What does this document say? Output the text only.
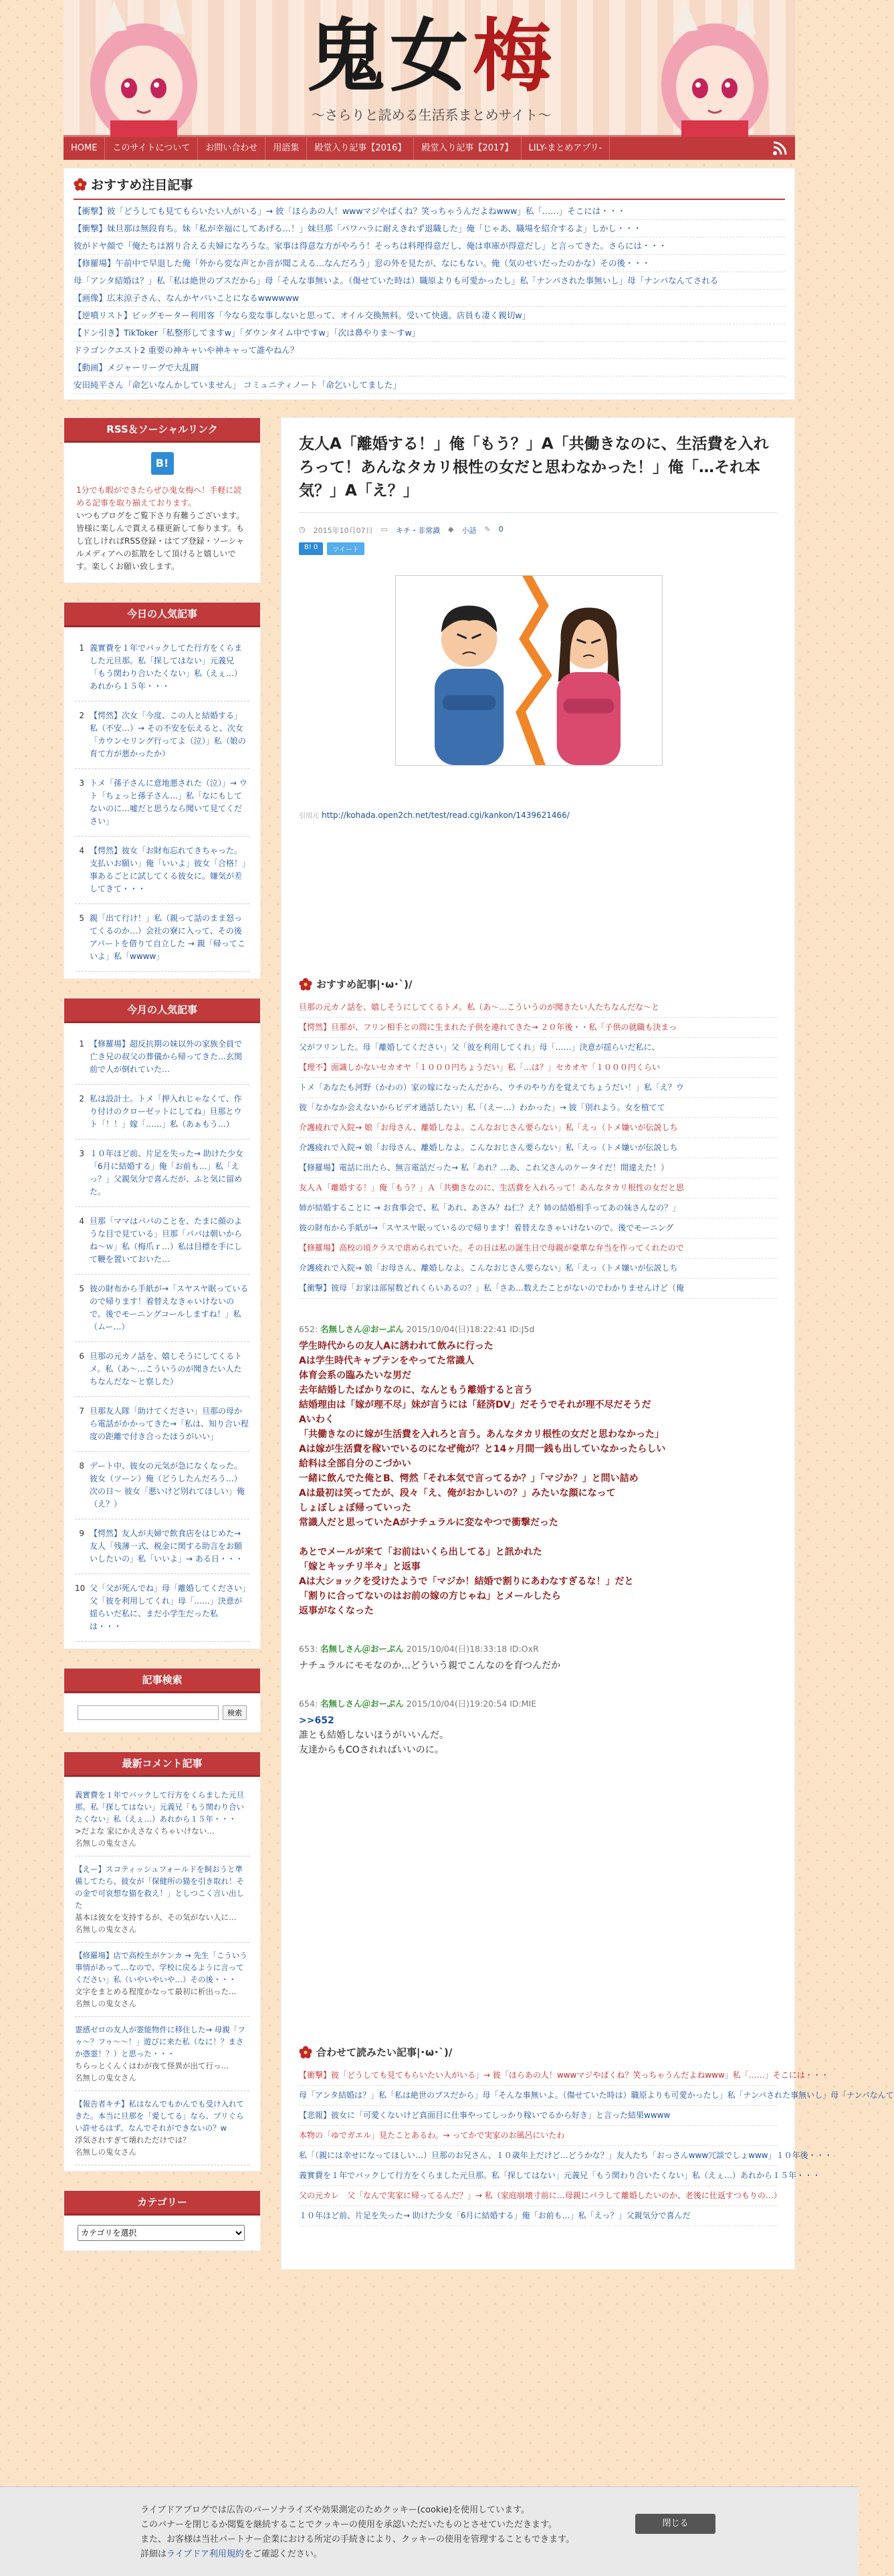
鬼女梅
～さらりと読める生活系まとめサイト～
HOME	このサイトについて	お問い合わせ	用語集	殿堂入り記事【2016】	殿堂入り記事【2017】	LILY-まとめアプリ-
おすすめ注目記事
【衝撃】彼「どうしても見てもらいたい人がいる」→ 彼「ほらあの人！wwwマジやばくね？笑っちゃうんだよねwww」私「……」そこには・・・
【衝撃】妹旦那は無段育ち。妹「私が幸福にしてあげる…！」妹旦那「パワハラに耐えきれず退職した」俺「じゃあ、職場を紹介するよ」しかし・・・
彼がドヤ顔で「俺たちは割り合える夫婦になろうな。家事は得意な方がやろう！そっちは料理得意だし、俺は車庫が得意だし」と言ってきた。さらには・・・
【修羅場】午前中で早退した俺「外から変な声とか音が聞こえる…なんだろう」窓の外を見たが、なにもない。俺（気のせいだったのかな）その後・・・
母「アンタ結婚は？」私「私は絶世のブスだから」母「そんな事無いよ。（傷せていた時は）職原よりも可愛かったし」私「ナンパされた事無いし」母「ナンパなんてされる
【画像】広末涼子さん、なんかヤバいことになるwwwwww
【逆噴リスト】ビッグモーター利用客「今なら変な事しないと思って、オイル交換無料。受いて快適。店員も凄く親切w」
【ドン引き】TikToker「私整形してますw」「ダウンタイム中ですw」「次は鼻やりま～すw」
ドラゴンクエスト2 重要の神キャいや神キャって誰やねん？
【動画】メジャーリーグで大乱闘
安田純平さん「命乞いなんかしていません」 コミュニティノート「命乞いしてました」
RSS＆ソーシャルリンク
B!

1分でも暇ができたらぜひ鬼女梅へ！手軽に読める記事を取り揃えております。

いつもブログをご覧下さり有難うございます。皆様に楽しんで貰える様更新して参ります。もし宜しければRSS登録・はてブ登録・ソーシャルメディアへの拡散をして頂けると嬉しいです。楽しくお願い致します。

今日の人気記事
1 義實費を１年でバックしてた行方をくらました元旦那。私「探してはない」元義兄「もう関わり合いたくない」私（えぇ…）あれから１５年・・・
2 【愕然】次女「今度、この人と結婚する」私（不安…）→ その不安を伝えると、次女「カウンセリング行ってよ（泣）」私（娘の育て方が悪かったか）
3 トメ「孫子さんに意地悪された（泣）」→ ウト「ちょっと孫子さん…」私「なにもしてないのに…嘘だと思うなら聞いて見てください」
4 【愕然】彼女「お財布忘れてきちゃった。支払いお願い」俺「いいよ」彼女「合格！」事あるごとに試してくる彼女に。嫌気が差してきて・・・
5 親「出て行け！」私（親って話のまま怒ってくるのか…）会社の寮に入って、その後アパートを借りて自立した → 親「帰ってこいよ」私「wwww」
今月の人気記事
1 【修羅場】超反抗期の妹以外の家族全員で亡き兄の叔父の葬儀から帰ってきた…玄関前で人が倒れていた…
2 私は設計士。トメ「押入れじゃなくて、作り付けのクローゼットにしてね」旦那とウト「！！」嫁「……」私（あぁもう…）
3 １０年ほど前、片足を失った→ 助けた少女「6月に結婚する」俺「お前も…」私「えっ？」父親気分で喜んだが、ふと気に留めた。
4 旦那「ママはパパのことを、たまに顔のような目で見ている」旦那「パパは朝いからね～ｗ」私（梅爪ｒ…）私は目標を手にして鞭を置いておいた…
5 彼の財布から手紙が→「スヤスヤ眠っているので帰ります！着替えなきゃいけないので。後でモーニングコールしますね！」私（ムー…）
6 旦那の元カノ話を、嬉しそうにしてくるトメ。私（あ～…こういうのが聞きたい人たちなんだな～と察した）
7 旦那友人隊「助けてください」旦那の母から電話がかかってきた→「私は、知り合い程度の距離で付き合ったほうがいい」
8 デート中、彼女の元気が急になくなった。彼女（ツーン）俺（どうしたんだろう…）次の日～ 彼女「悪いけど別れてほしい」俺（え？）
9 【愕然】友人が夫婦で飲食店をはじめた→ 友人「残薄一式、税金に関する助言をお願いしたいの」私「いいよ」→ ある日・・・
10 父「父が死んでね」母「離婚してください」父「彼を利用してくれ」母「……」決意が揺らいだ私に、まだ小学生だった私は・・・
記事検索
検索
最新コメント記事
義實費を１年でバックして行方をくらました元旦那。私「探してはない」元義兄「もう関わり合いたくない」私（えぇ…）あれから１５年・・・
>だよな 家にかえさなくちゃいけない…
名無しの鬼女さん
【えー】スコティッシュフォールドを飼おうと準備してたら、彼女が「保健所の猫を引き取れ！その金で可哀想な猫を救え！」としつこく言い出した
基本は彼女を支持するが、その気がない人に…
名無しの鬼女さん
【修羅場】店で高校生がケンカ → 先生「こういう事情があって…なので、学校に戻るように言ってください」私（いやいやいや…）その後・・・
文字をまとめる程度かなって最初に析出った…
名無しの鬼女さん
霊感ゼロの友人が霊能物件に移住した→ 母親「フゥ～？フゥ～～！」遊びに来た私（なに！？まさか憑霊！？）と思った・・・
ちらっとくんくはわが夜て怪異が出て行っ…
名無しの鬼女さん
【報告者キチ】私はなんでもかんでも受け入れてきた。本当に旦那を「愛してる」なら、プリぐらい許せるはず。なんでそれができないの？w
浮気されすぎて壊れただけでは？
名無しの鬼女さん
カテゴリー
カテゴリを選択
友人A「離婚する！」俺「もう？」A「共働きなのに、生活費を入れろって！あんなタカリ根性の女だと思わなかった！」俺「…それ本気？」A「え？」
◷ 2015年10月07日 ▭ キチ・非常識 ◆ 小話 ✎ 0
B! 0	ツイート

引用元 http://kohada.open2ch.net/test/read.cgi/kankon/1439621466/

おすすめ記事|･ω･`)/
旦那の元カノ話を、嬉しそうにしてくるトメ。私（あ～…こういうのが聞きたい人たちなんだな～と
【愕然】旦那が、フリン相手との間に生まれた子供を連れてきた→ ２０年後・・私「子供の就職も決まっ
父がフリンした。母「離婚してください」父「彼を利用してくれ」母「……」決意が揺らいだ私に、
【理不】面識しかないセカオヤ「１０００円ちょうだい」私「…は？」セカオヤ「１０００円くらい
トメ「あなたも河野（かわの）家の嫁になったんだから、ウチのやり方を覚えてちょうだい！」私「え？ウ
彼「なかなか会えないからビデオ通話したい」私「（えー…）わかった」→ 彼「別れよう。女を植てて
介護疲れで入院→ 娘「お母さん、離婚しなよ。こんなおじさん要らない」私「えっ（トメ嫌いが伝説しち
介護疲れで入院→ 娘「お母さん、離婚しなよ。こんなおじさん要らない」私「えっ（トメ嫌いが伝説しち
【修羅場】電話に出たら、無言電話だった→ 私「あれ？…あ、これ父さんのケータイだ！間違えた！）
友人Ａ「離婚する！」俺「もう？」Ａ「共働きなのに、生活費を入れろって！あんなタカリ根性の女だと思
姉が結婚することに → お食事会で、私「あれ、あさみ？ね仁？え？姉の結婚相手ってあの妹さんなの？」
彼の財布から手紙が→「スヤスヤ眠っているので帰ります！着替えなきゃいけないので。後でモーニング
【修羅場】高校の頃クラスで虐められていた。その日は私の誕生日で母親が豪華な弁当を作ってくれたので
介護疲れで入院→ 娘「お母さん、離婚しなよ。こんなおじさん要らない」私「えっ（トメ嫌いが伝説しち
【衝撃】彼母「お家は部屋数どれくらいあるの？」私「さあ…数えたことがないのでわかりませんけど（俺
652: 名無しさん＠おーぷん 2015/10/04(日)18:22:41 ID:J5d
学生時代からの友人Aに誘われて飲みに行った
Aは学生時代キャプテンをやってた常識人
体育会系の臨みたいな男だ
去年結婚したばかりなのに、なんともう離婚すると言う
結婚理由は「嫁が理不尽」妹が言うには「経済DV」だそうでそれが理不尽だそうだ
Aいわく
「共働きなのに嫁が生活費を入れろと言う。あんなタカリ根性の女だと思わなかった」
Aは嫁が生活費を稼いでいるのになぜ俺が？と14ヶ月間一銭も出していなかったらしい
給料は全部自分のこづかい
一緒に飲んでた俺とB、愕然「それ本気で言ってるか？」「マジか？」と問い詰め
Aは最初は笑ってたが、段々「え、俺がおかしいの？」みたいな顔になって
しょぼしょぼ帰っていった
常識人だと思っていたAがナチュラルに変なやつで衝撃だった

あとでメールが来て「お前はいくら出してる」と訊かれた
「嫁とキッチリ半々」と返事
Aは大ショックを受けたようで「マジか！結婚で割りにあわなすぎるな！」だと
「割りに合ってないのはお前の嫁の方じゃね」とメールしたら
返事がなくなった
653: 名無しさん＠おーぷん 2015/10/04(日)18:33:18 ID:OxR
ナチュラルにモモなのか…どういう親でこんなのを育つんだか
654: 名無しさん＠おーぷん 2015/10/04(日)19:20:54 ID:MIE
>>652
誰とも結婚しないほうがいいんだ。
友達からもCOされればいいのに。
合わせて読みたい記事|･ω･`)/
【衝撃】彼「どうしても見てもらいたい人がいる」→ 彼「ほらあの人！wwwマジやばくね？笑っちゃうんだよねwww」私「……」そこには・・・
母「アンタ結婚は？」私「私は絶世のブスだから」母「そんな事無いよ。（傷せていた時は）職原よりも可愛かったし」私「ナンパされた事無いし」母「ナンパなんて
【悲報】彼女に「可愛くないけど真面目に仕事やってしっかり稼いでるから好き」と言った結果wwww
本物の「ゆでガエル」見たことあるわ。→ ってかで実家のお風呂にいたわ
私「（親には幸せになってほしい…）旦那のお兄さん、１０歳年上だけど…どうかな？」友人たち「おっさんwww冗談でしょwww」１０年後・・・
義實費を１年でバックして行方をくらました元旦那。私「探してはない」元義兄「もう関わり合いたくない」私（えぇ…）あれから１５年・・・
父の元カレ　父「なんで実家に帰ってるんだ？」→ 私（家庭崩壊寸前に…母親にバラして離婚したいのか、老後に仕返すつもりの…）
１０年ほど前、片足を失った→ 助けた少女「6月に結婚する」俺「お前も…」私「えっ？」父親気分で喜んだ
ライブドアブログでは広告のパーソナライズや効果測定のためクッキー(cookie)を使用しています。
このバナーを閉じるか閲覧を継続することでクッキーの使用を承認いただいたものとさせていただきます。
また、お客様は当社パートナー企業における所定の手続きにより、クッキーの使用を管理することもできます。
詳細はライブドア利用規約をご確認ください。
閉じる
